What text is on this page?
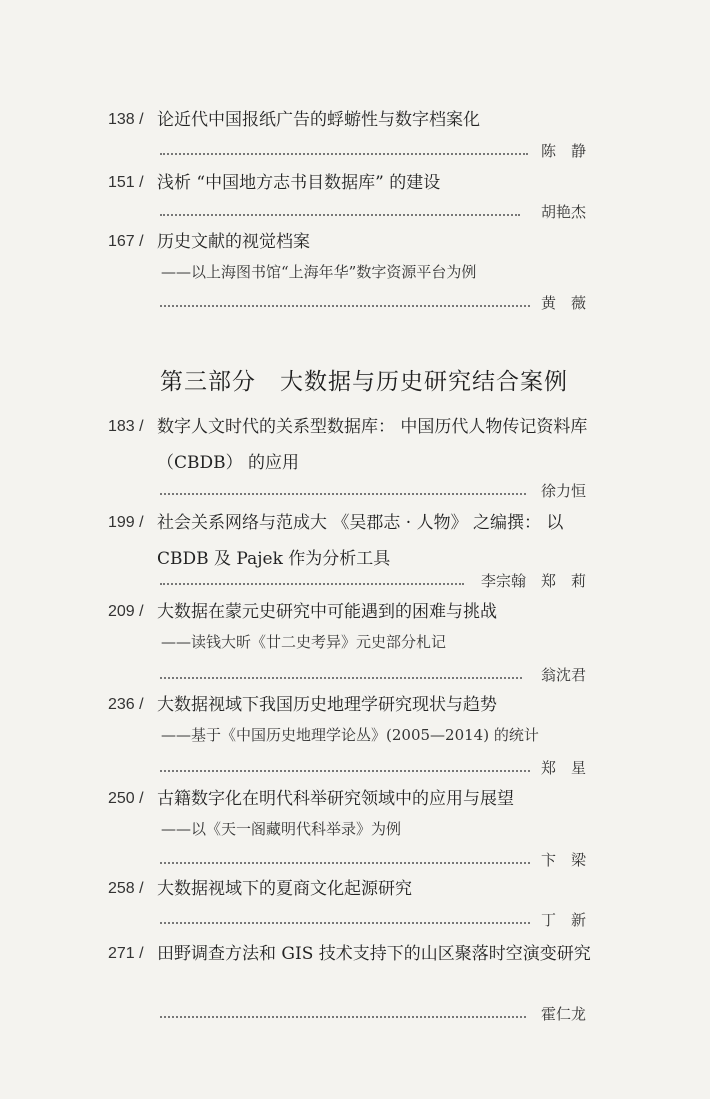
138 / 论近代中国报纸广告的蜉蝣性与数字档案化
陈　静
151 / 浅析 “中国地方志书目数据库” 的建设
胡艳杰
167 / 历史文献的视觉档案
——以上海图书馆“上海年华”数字资源平台为例
黄　薇
第三部分　大数据与历史研究结合案例
183 / 数字人文时代的关系型数据库： 中国历代人物传记资料库 （CBDB） 的应用
徐力恒
199 / 社会关系网络与范成大 《吴郡志 · 人物》 之编撰： 以 CBDB 及 Pajek 作为分析工具
李宗翰　郑　莉
209 / 大数据在蒙元史研究中可能遇到的困难与挑战
——读钱大昕《廿二史考异》元史部分札记
翁沈君
236 / 大数据视域下我国历史地理学研究现状与趋势
——基于《中国历史地理学论丛》(2005—2014) 的统计
郑　星
250 / 古籍数字化在明代科举研究领域中的应用与展望
——以《天一阁藏明代科举录》为例
卞　梁
258 / 大数据视域下的夏商文化起源研究
丁　新
271 / 田野调查方法和 GIS 技术支持下的山区聚落时空演变研究
霍仁龙
